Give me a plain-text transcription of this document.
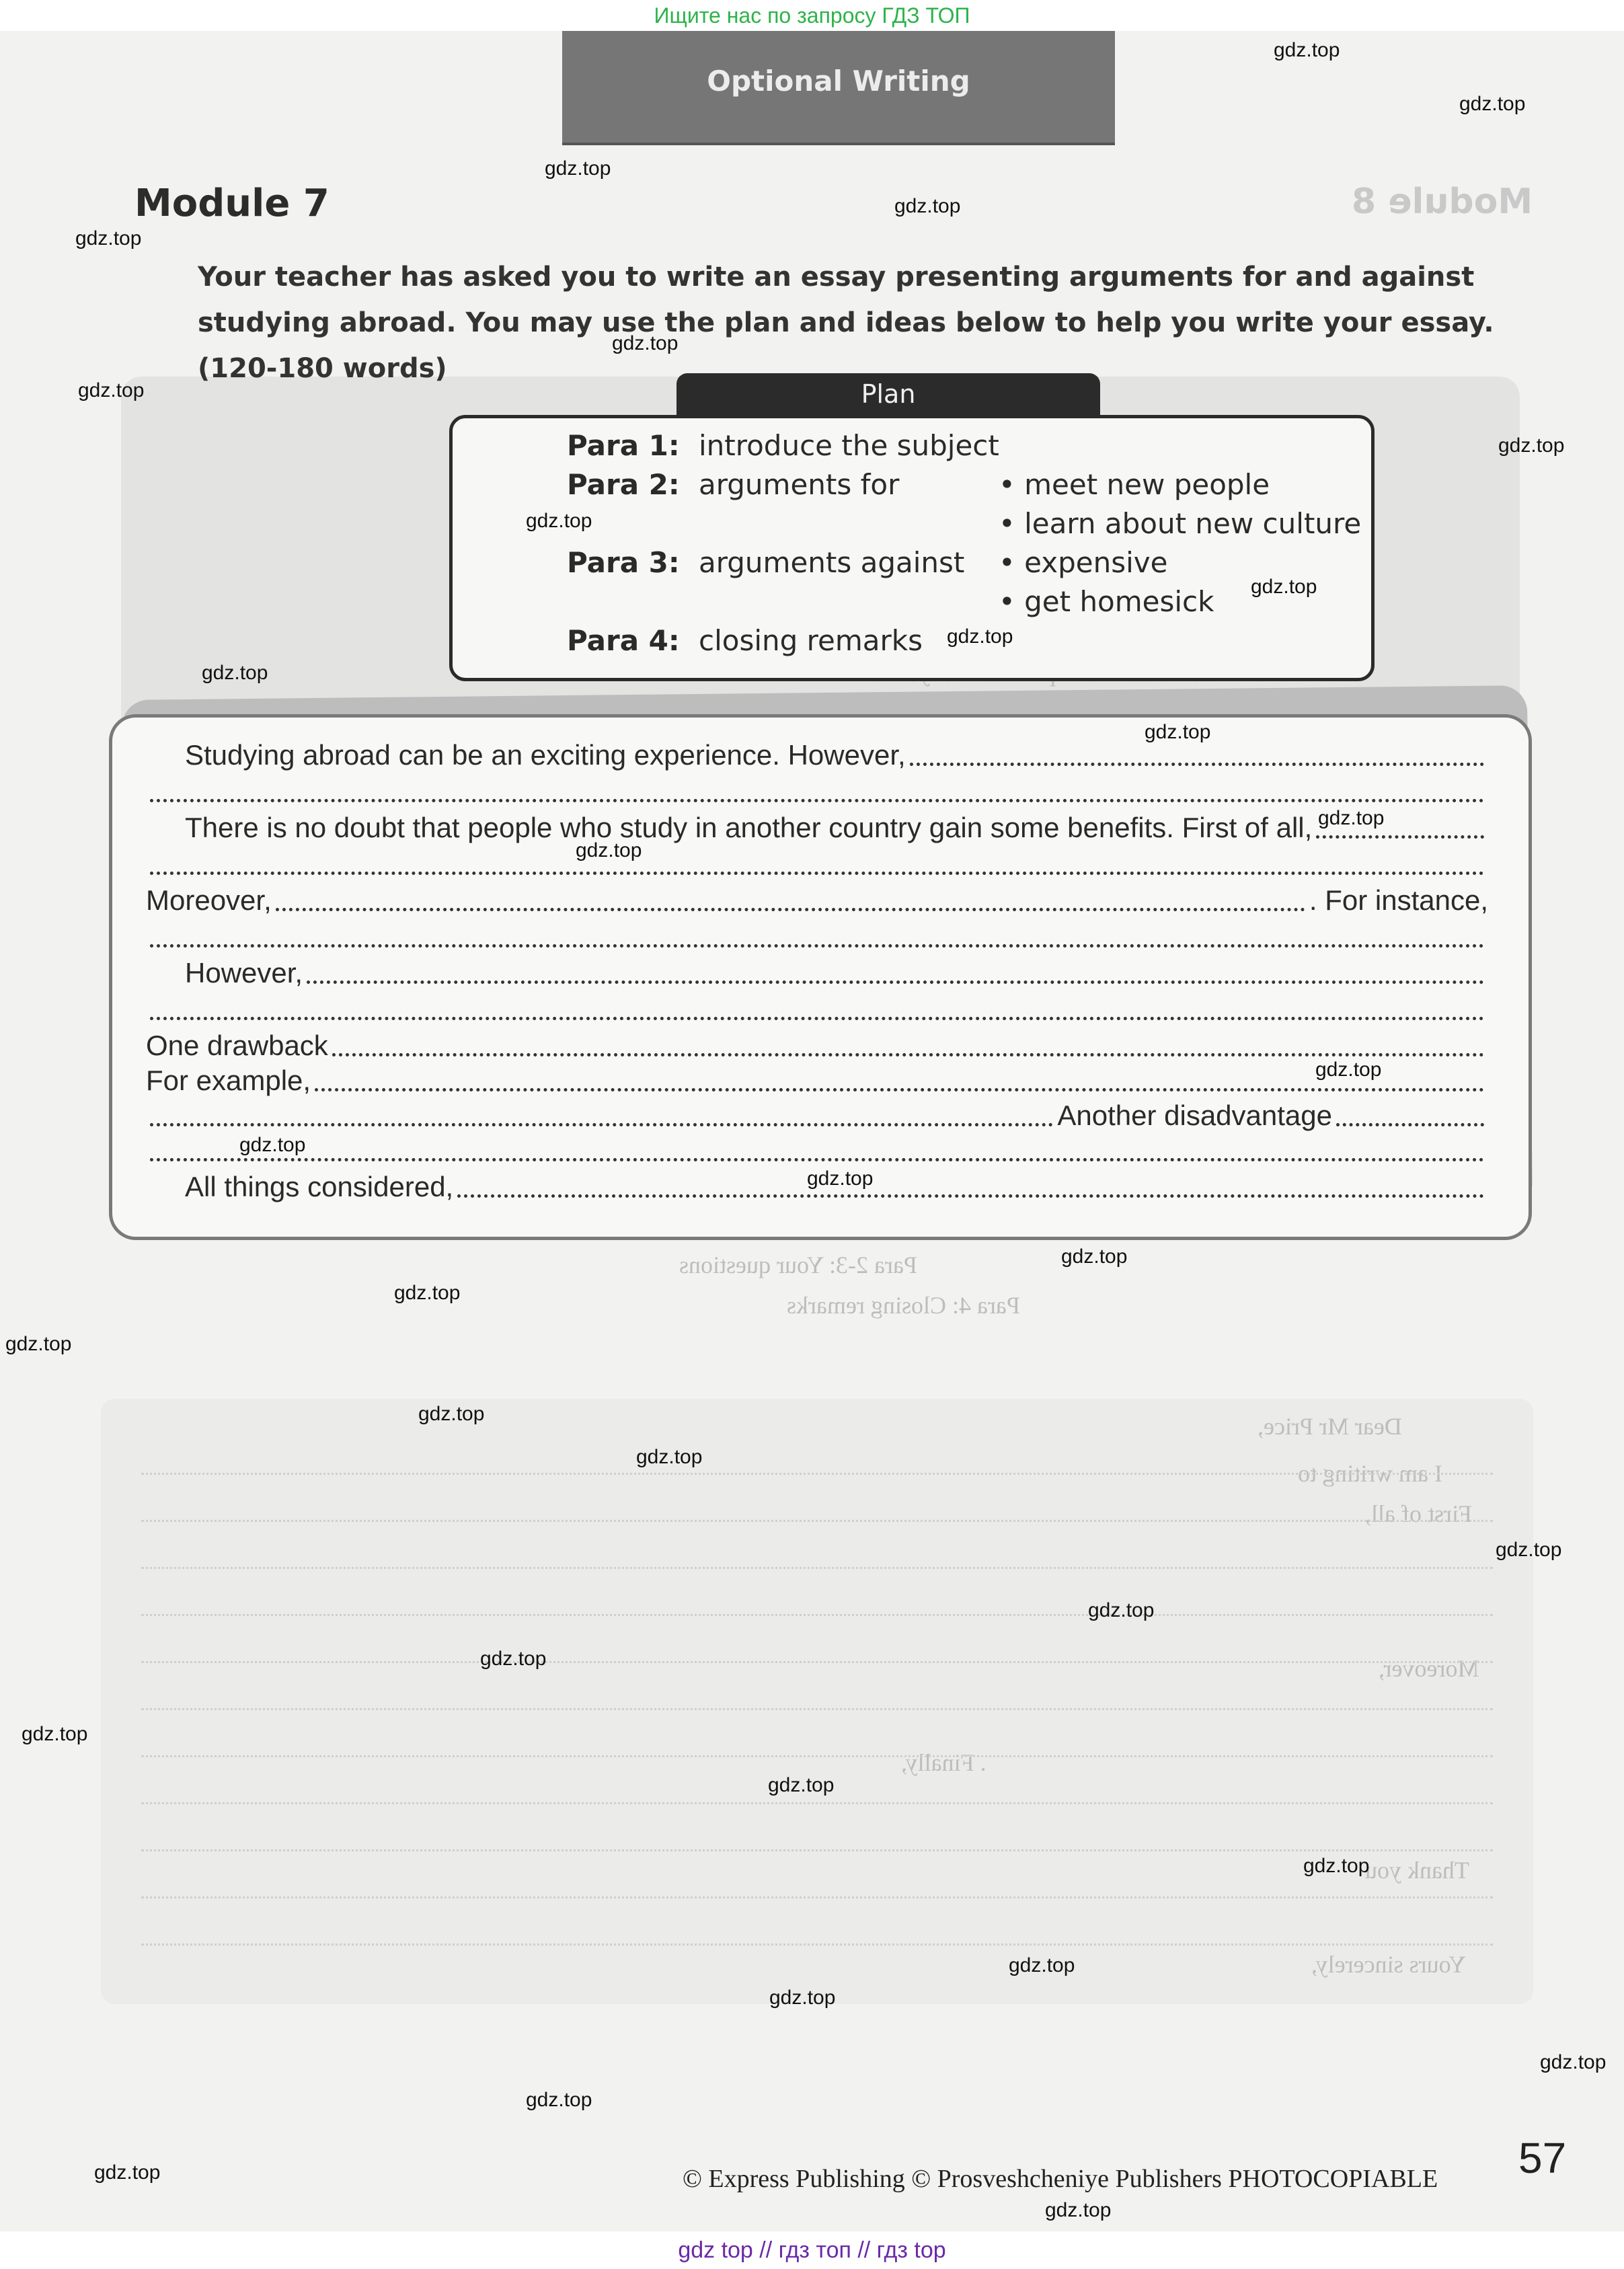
Ищите нас по запросу ГДЗ ТОП
Para 2-3: Your questions
Para 4: Closing remarks
Dear Mr Price,
I am writing to
First of all,
Moreover,
. Finally,
Thank you
Yours sincerely,
Optional Writing
Module 8
Module 7
Your teacher has asked you to write an essay presenting arguments for and against studying abroad. You may use the plan and ideas below to help you write your essay. (120-180 words)
Plan
Para 1: introduce the subject
Para 2: arguments for	• meet new people
• learn about new culture
Para 3: arguments against • expensive
• get homesick
Para 4: closing remarks
Studying abroad can be an exciting experience. However,
There is no doubt that people who study in another country gain some benefits. First of all,
Moreover,	. For instance,
However,
One drawback
For example,
Another disadvantage
All things considered,
gdz.top
gdz.top
gdz.top
gdz.top
gdz.top
gdz.top
gdz.top
gdz.top
gdz.top
gdz.top
gdz.top
gdz.top
gdz.top
gdz.top
gdz.top
gdz.top
gdz.top
gdz.top
gdz.top
gdz.top
gdz.top
gdz.top
gdz.top
gdz.top
gdz.top
gdz.top
gdz.top
gdz.top
gdz.top
gdz.top
gdz.top
gdz.top
gdz.top
gdz.top
gdz.top
© Express Publishing © Prosveshcheniye Publishers PHOTOCOPIABLE 57
gdz top // гдз топ // гдз top
